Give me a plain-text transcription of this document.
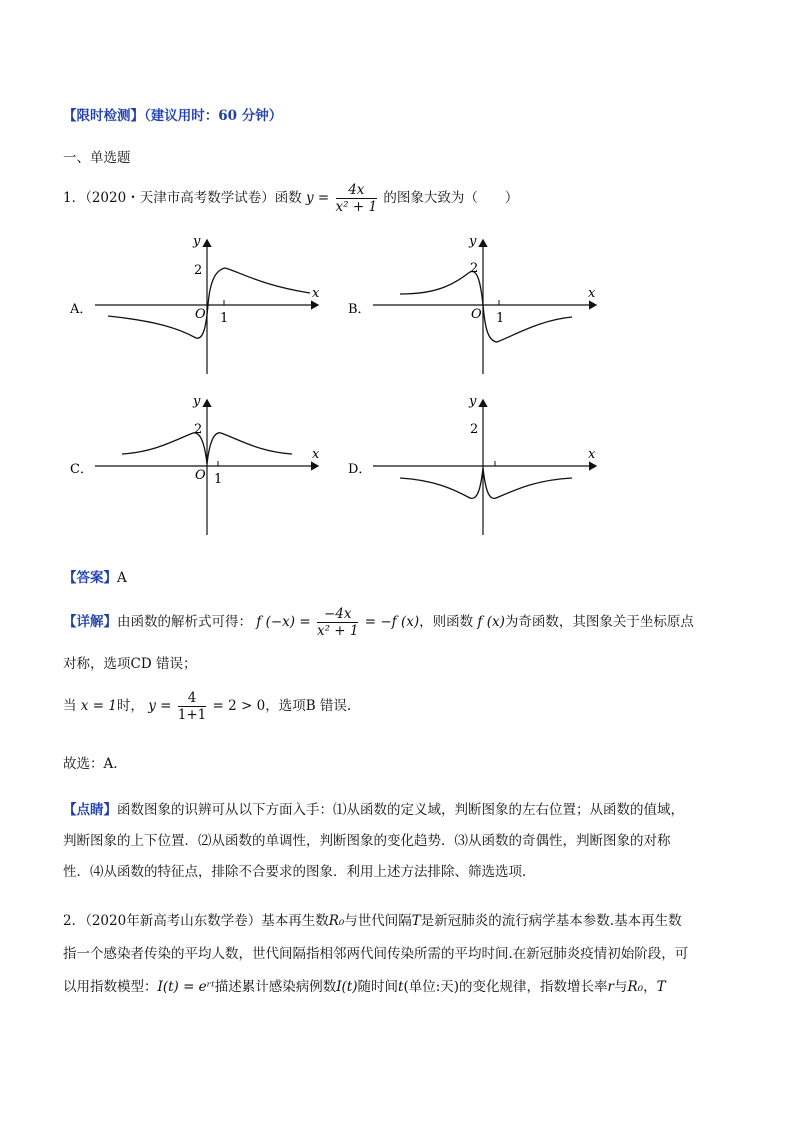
【限时检测】（建议用时：60 分钟）
一、单选题
1．（2020・天津市高考数学试卷）函数 $y = \frac{4x}{\text{x² + 1}}$ 的图象大致为（　　）
A．
x
y
O 1
2
B．
x
y
O 1
2
C．
x
y
O 1
2
D．
x
y
2
【答案】A
【详解】由函数的解析式可得： f $(-x) = \frac{-4x}{\text{x² + 1}} = -f$ (x)，则函数 f (x)为奇函数，其图象关于坐标原点
对称，选项CD 错误；
当 x = 1时， $y = \frac{4}{1+1} = 2 > 0$，选项B 错误.
故选：A.
【点睛】函数图象的识辨可从以下方面入手：⑴从函数的定义域，判断图象的左右位置；从函数的值域，
判断图象的上下位置．⑵从函数的单调性，判断图象的变化趋势．⑶从函数的奇偶性，判断图象的对称
性．⑷从函数的特征点，排除不合要求的图象．利用上述方法排除、筛选选项．
2．（2020年新高考山东数学卷）基本再生数R₀与世代间隔T是新冠肺炎的流行病学基本参数.基本再生数
指一个感染者传染的平均人数，世代间隔指相邻两代间传染所需的平均时间.在新冠肺炎疫情初始阶段，可
以用指数模型：I(t) = eʳᵗ描述累计感染病例数I(t)随时间t(单位:天)的变化规律，指数增长率r与R₀，T
